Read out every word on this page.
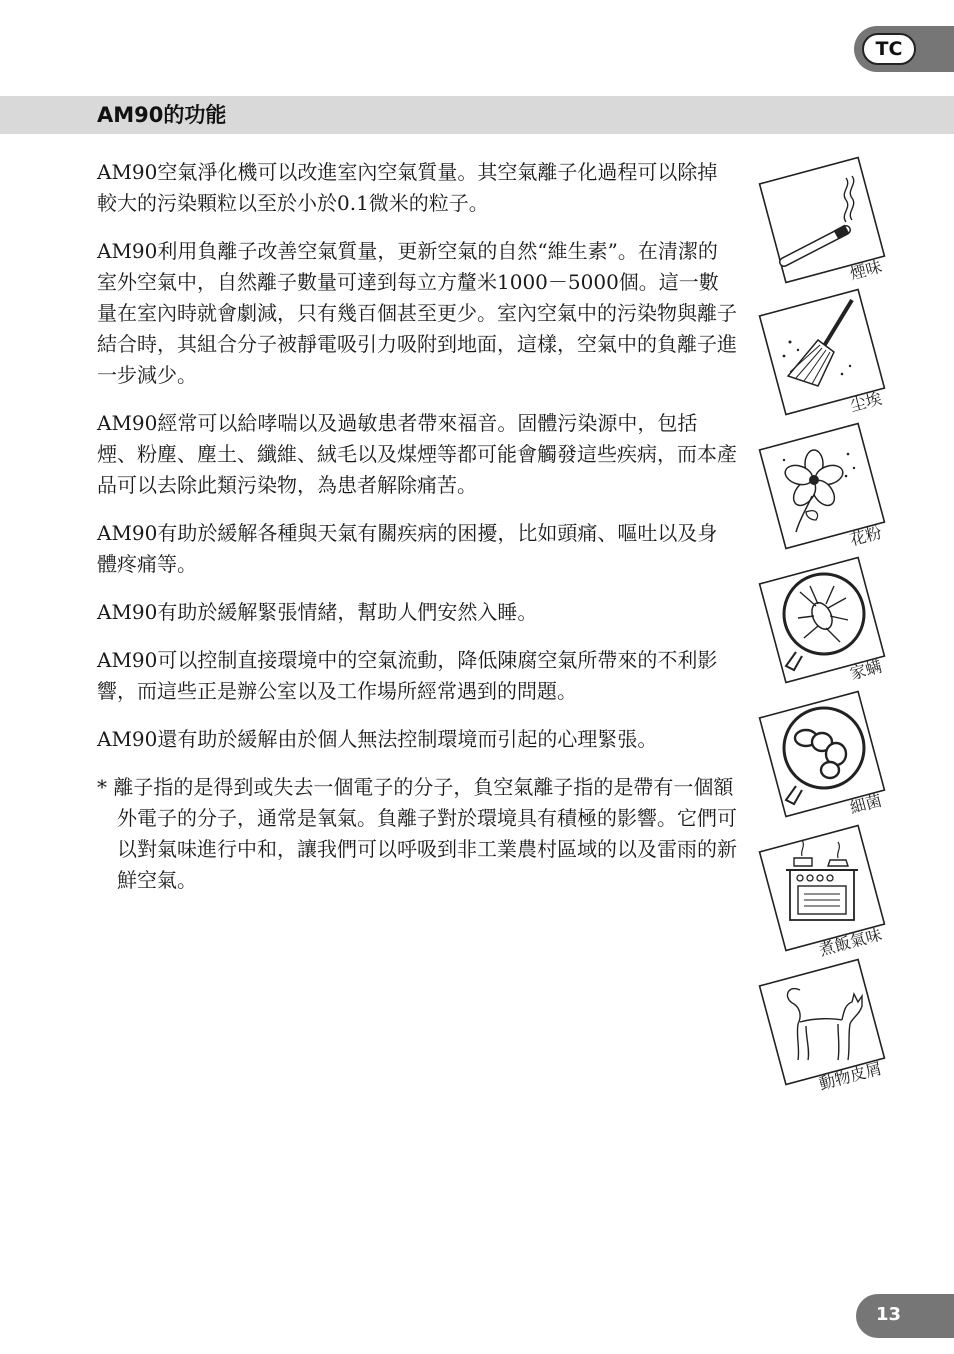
TC
AM90的功能

AM90空氣淨化機可以改進室內空氣質量。其空氣離子化過程可以除掉較大的污染顆粒以至於小於0.1微米的粒子。

AM90利用負離子改善空氣質量，更新空氣的自然“維生素”。在清潔的室外空氣中，自然離子數量可達到每立方釐米1000－5000個。這一數量在室內時就會劇減，只有幾百個甚至更少。室內空氣中的污染物與離子結合時，其組合分子被靜電吸引力吸附到地面，這樣，空氣中的負離子進一步減少。

AM90經常可以給哮喘以及過敏患者帶來福音。固體污染源中，包括煙、粉塵、塵土、纖維、絨毛以及煤煙等都可能會觸發這些疾病，而本產品可以去除此類污染物，為患者解除痛苦。

AM90有助於緩解各種與天氣有關疾病的困擾，比如頭痛、嘔吐以及身體疼痛等。

AM90有助於緩解緊張情緒，幫助人們安然入睡。

AM90可以控制直接環境中的空氣流動，降低陳腐空氣所帶來的不利影響，而這些正是辦公室以及工作場所經常遇到的問題。

AM90還有助於緩解由於個人無法控制環境而引起的心理緊張。

* 離子指的是得到或失去一個電子的分子，負空氣離子指的是帶有一個額外電子的分子，通常是氧氣。負離子對於環境具有積極的影響。它們可以對氣味進行中和，讓我們可以呼吸到非工業農村區域的以及雷雨的新鮮空氣。

煙味
尘埃
花粉
家螨
細菌
煮飯氣味
動物皮屑
13
